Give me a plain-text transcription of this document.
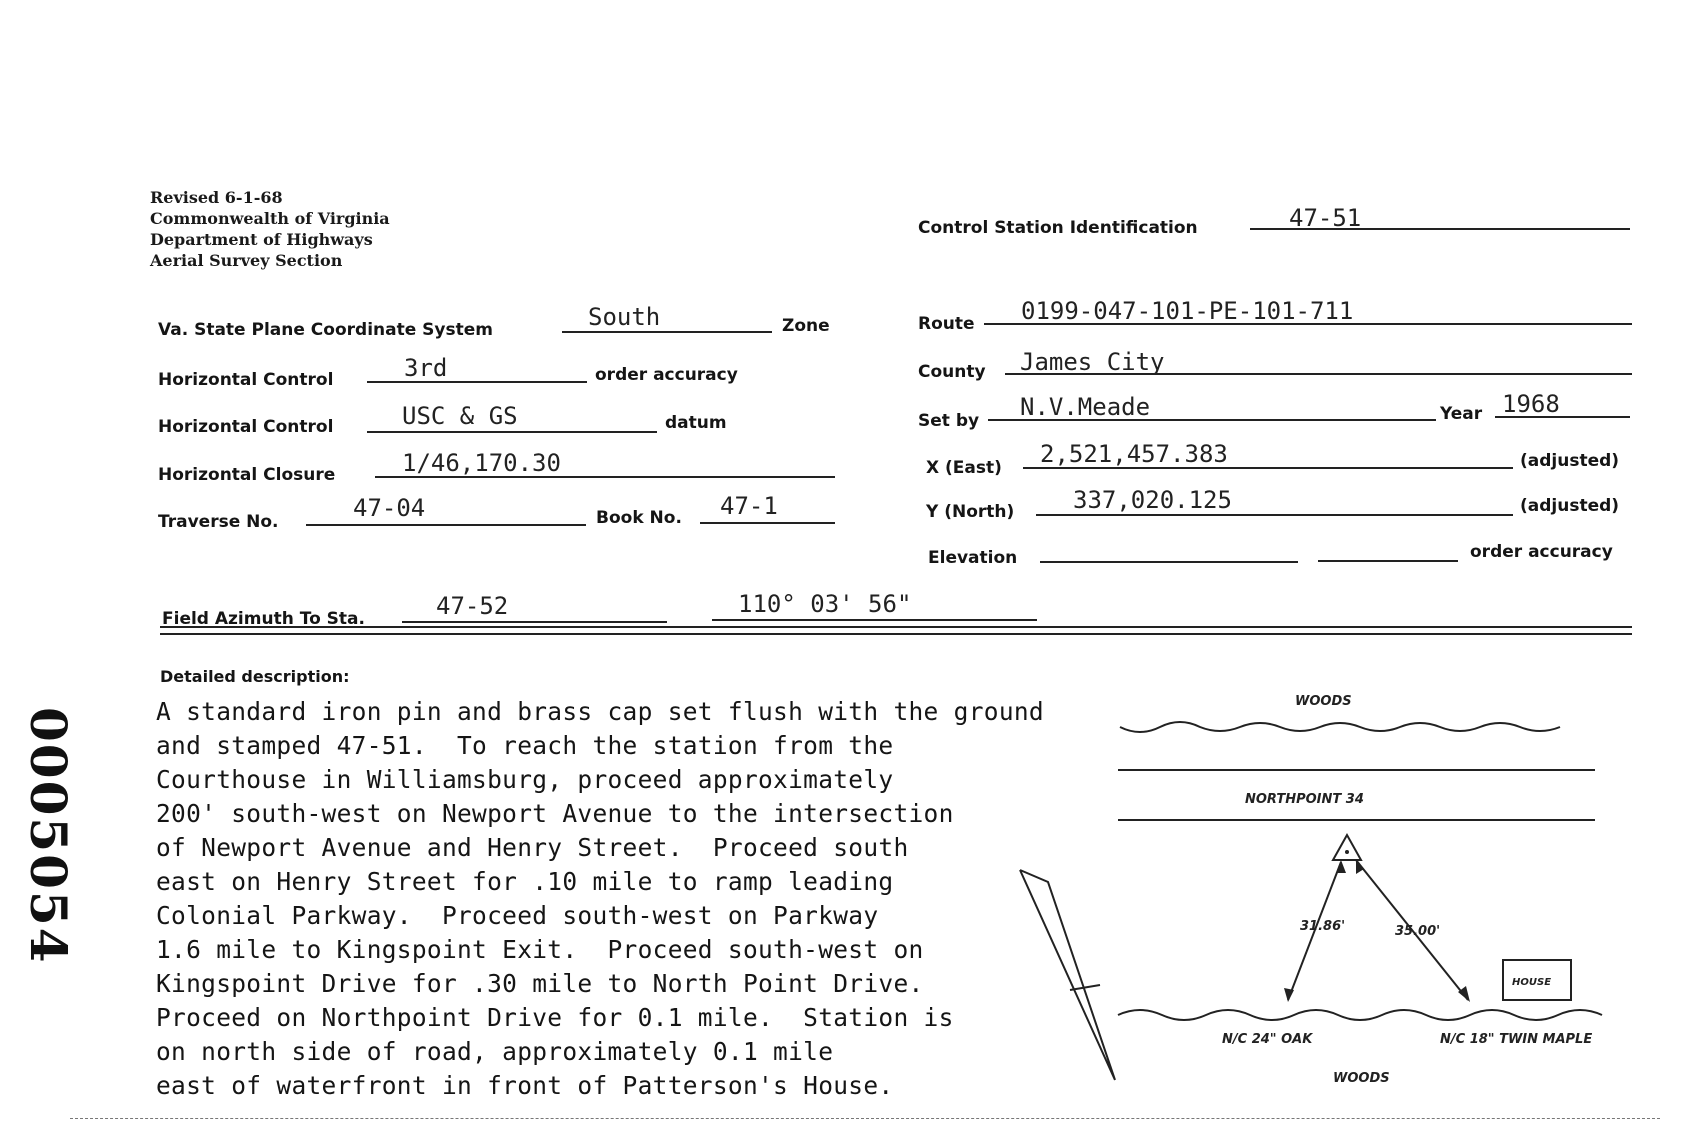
Revised 6-1-68
Commonwealth of Virginia
Department of Highways
Aerial Survey Section
Va. State Plane Coordinate System	South	Zone
Horizontal Control	3rd	order accuracy
Horizontal Control	USC & GS	datum
Horizontal Closure	1/46,170.30
Traverse No.	47-04	Book No. 47-1
Field Azimuth To Sta.	47-52	110° 03' 56"
Control Station Identification	47-51
Route 0199-047-101-PE-101-711
County James City
Set by N.V.Meade	Year 1968
X (East) 2,521,457.383	(adjusted)
Y (North) 337,020.125	(adjusted)
Elevation	order accuracy
Detailed description:
A standard iron pin and brass cap set flush with the ground
and stamped 47-51.  To reach the station from the
Courthouse in Williamsburg, proceed approximately
200' south-west on Newport Avenue to the intersection
of Newport Avenue and Henry Street.  Proceed south
east on Henry Street for .10 mile to ramp leading
Colonial Parkway.  Proceed south-west on Parkway
1.6 mile to Kingspoint Exit.  Proceed south-west on
Kingspoint Drive for .30 mile to North Point Drive.
Proceed on Northpoint Drive for 0.1 mile.  Station is
on north side of road, approximately 0.1 mile
east of waterfront in front of Patterson's House.
0005054
WOODS
NORTHPOINT 34
31.86'	35.00'
HOUSE
N/C 24" OAK	N/C 18" TWIN MAPLE
WOODS
